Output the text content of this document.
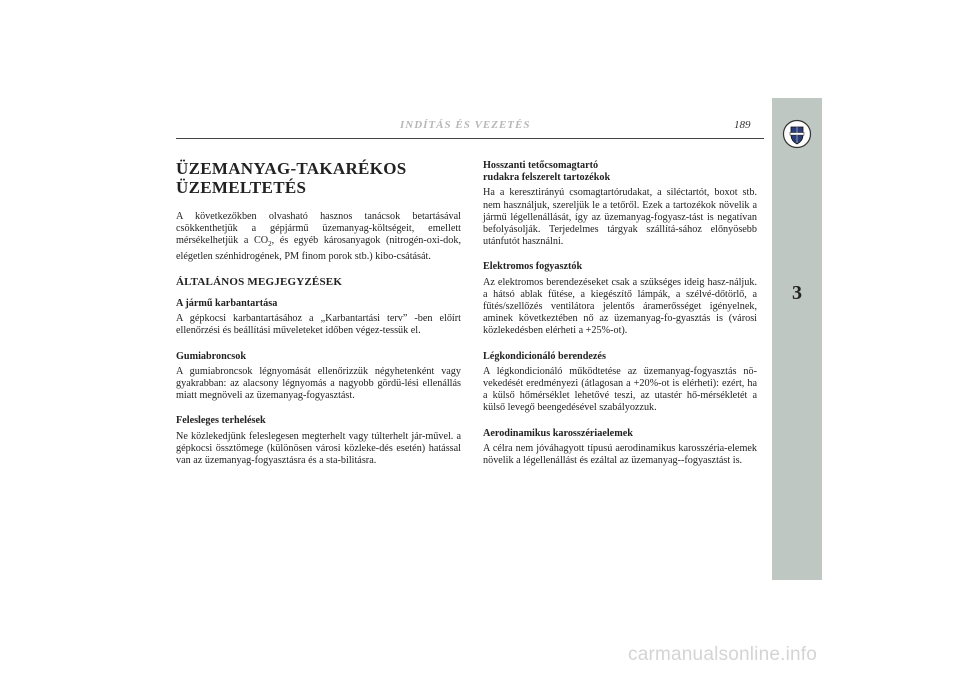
INDÍTÁS ÉS VEZETÉS	189
3
ÜZEMANYAG-TAKARÉKOS
ÜZEMELTETÉS

A következőkben olvasható hasznos tanácsok betartásával csökkenthetjük a gépjármű üzemanyag-költségeit, emellett mérsékelhetjük a $CO_2$, és egyéb károsanyagok (nitrogén-oxi-dok, elégetlen szénhidrogének, PM finom porok stb.) kibo-csátását.

ÁLTALÁNOS MEGJEGYZÉSEK
A jármű karbantartása

A gépkocsi karbantartásához a „Karbantartási terv” -ben előírt ellenőrzési és beállítási műveleteket időben végez-tessük el.

Gumiabroncsok

A gumiabroncsok légnyomását ellenőrizzük négyhetenként vagy gyakrabban: az alacsony légnyomás a nagyobb gördü-lési ellenállás miatt megnöveli az üzemanyag-fogyasztást.

Felesleges terhelések

Ne közlekedjünk feleslegesen megterhelt vagy túlterhelt jár-művel. a gépkocsi össztömege (különösen városi közleke-dés esetén) hatással van az üzemanyag-fogyasztásra és a sta-bilitásra.

Hosszanti tetőcsomagtartó
rudakra felszerelt tartozékok

Ha a keresztirányú csomagtartórudakat, a siléctartót, boxot stb. nem használjuk, szereljük le a tetőről. Ezek a tartozékok növelik a jármű légellenállását, így az üzemanyag-fogyasz-tást is negatívan befolyásolják. Terjedelmes tárgyak szállítá-sához előnyösebb utánfutót használni.

Elektromos fogyasztók

Az elektromos berendezéseket csak a szükséges ideig hasz-náljuk. a hátsó ablak fűtése, a kiegészítő lámpák, a szélvé-dőtörlő, a fűtés/szellőzés ventilátora jelentős áramerősséget igényelnek, aminek következtében nő az üzemanyag-fo-gyasztás is (városi közlekedésben elérheti a +25%-ot).

Légkondicionáló berendezés

A légkondicionáló működtetése az üzemanyag-fogyasztás nö-vekedését eredményezi (átlagosan a +20%-ot is elérheti): ezért, ha a külső hőmérséklet lehetővé teszi, az utastér hő-mérsékletét a külső levegő beengedésével szabályozzuk.

Aerodinamikus karosszériaelemek

A célra nem jóváhagyott típusú aerodinamikus karosszéria-elemek növelik a légellenállást és ezáltal az üzemanyag--fogyasztást is.

carmanualsonline.info
